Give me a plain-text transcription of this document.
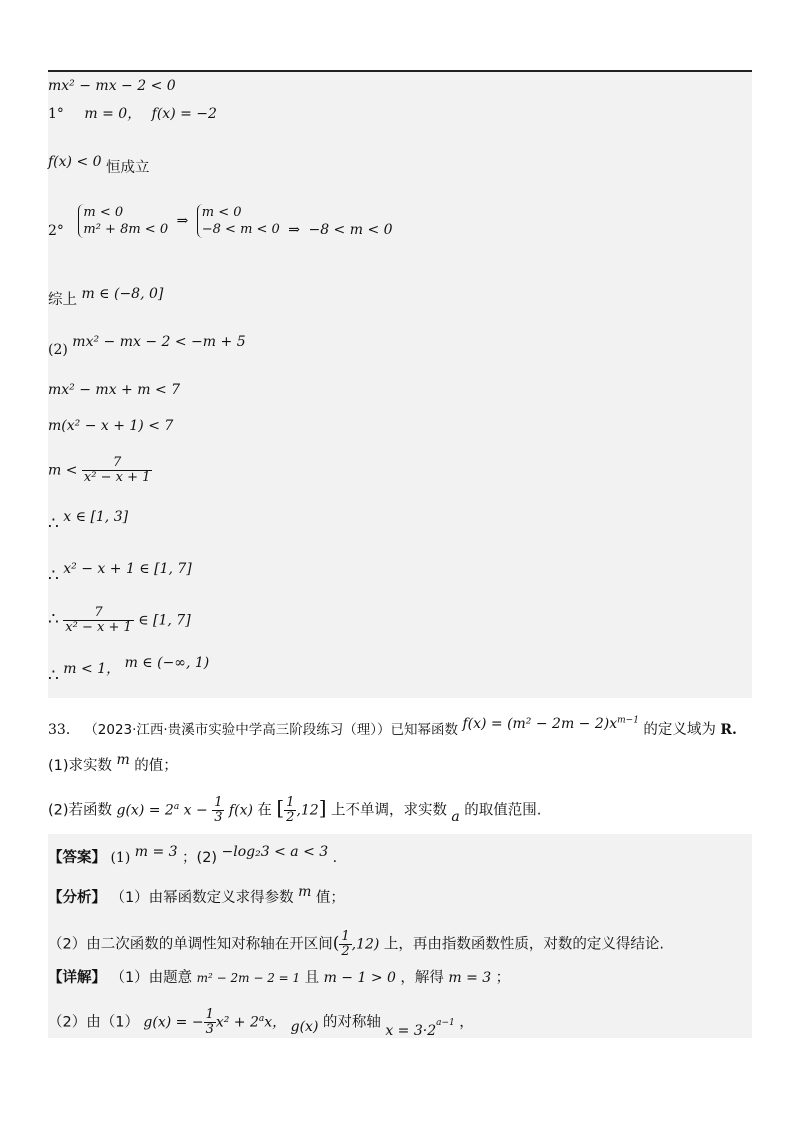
mx² − mx − 2 < 0
1° m = 0， f(x) = −2
f(x) < 0 恒成立
2°
m < 0
m² + 8m < 0
⇒
m < 0
−8 < m < 0 ⇒ −8 < m < 0
综上 m ∈ (−8, 0]
(2) mx² − mx − 2 < −m + 5
mx² − mx + m < 7
m(x² − x + 1) < 7
$m < \frac{7}{\text{x² − x + 1}}$
∴ x ∈ [1, 3]
∴ x² − x + 1 ∈ [1, 7]
∴ $\frac{7}{\text{x² − x + 1}}$ ∈ [1, 7]
∴ m < 1， m ∈ (−∞, 1)
33． （2023·江西·贵溪市实验中学高三阶段练习（理））已知幂函数 $f(x) = (m^2 - 2m - 2)x^{m-1}$ 的定义域为 R.
(1)求实数 m 的值；
(2)若函数 $g(x) = 2^a$ $x - \frac{1}{3} f(x)$ 在 [ $\frac{1}{2} ,12$] 上不单调，求实数 a 的取值范围.
【答案】 (1) m = 3 ；(2) −log₂3 < a < 3 .
【分析】 （1）由幂函数定义求得参数 m 值；
（2）由二次函数的单调性知对称轴在开区间( $\frac{1}{2} ,12$) 上，再由指数函数性质，对数的定义得结论.
【详解】 （1）由题意 m² − 2m − 2 = 1 且 m − 1 > 0 ，解得 m = 3 ；
（2）由（1） g(x) = − $\frac{1}{3} x^2 + 2^ax$， g(x) 的对称轴 $x = 3\cdot 2^{a-1}$ ，
